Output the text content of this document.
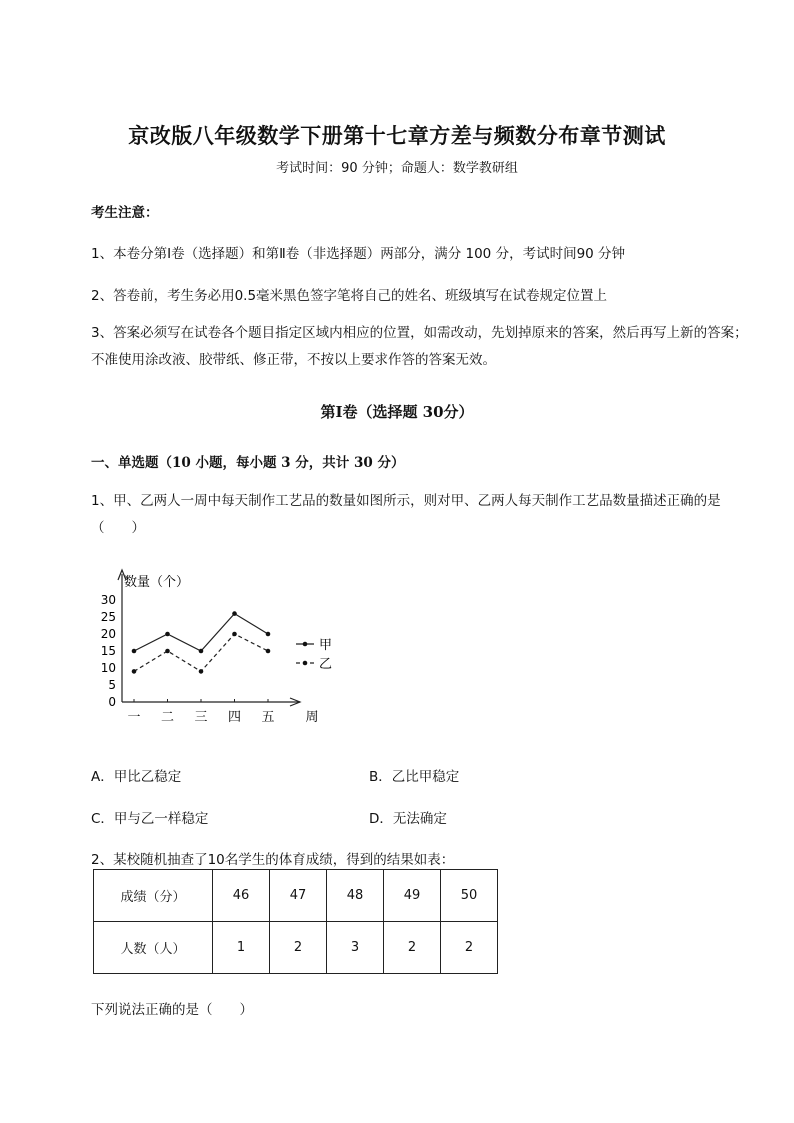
京改版八年级数学下册第十七章方差与频数分布章节测试
考试时间：90 分钟；命题人：数学教研组
考生注意：
1、本卷分第Ⅰ卷（选择题）和第Ⅱ卷（非选择题）两部分，满分 100 分，考试时间90 分钟
2、答卷前，考生务必用0.5毫米黑色签字笔将自己的姓名、班级填写在试卷规定位置上
3、答案必须写在试卷各个题目指定区域内相应的位置，如需改动，先划掉原来的答案，然后再写上新的答案；不准使用涂改液、胶带纸、修正带，不按以上要求作答的答案无效。
第Ⅰ卷（选择题 30分）
一、单选题（10 小题，每小题 3 分，共计 30 分）
1、甲、乙两人一周中每天制作工艺品的数量如图所示，则对甲、乙两人每天制作工艺品数量描述正确的是（　　）
数量（个）
0
5
10
15
20
25
30
一 二 三 四 五 周
甲
乙
A．甲比乙稳定	B．乙比甲稳定
C．甲与乙一样稳定	D．无法确定
2、某校随机抽查了10名学生的体育成绩，得到的结果如表：
成绩（分）	46	47	48	49	50
人数（人）	1	2	3	2	2
下列说法正确的是（　　）
